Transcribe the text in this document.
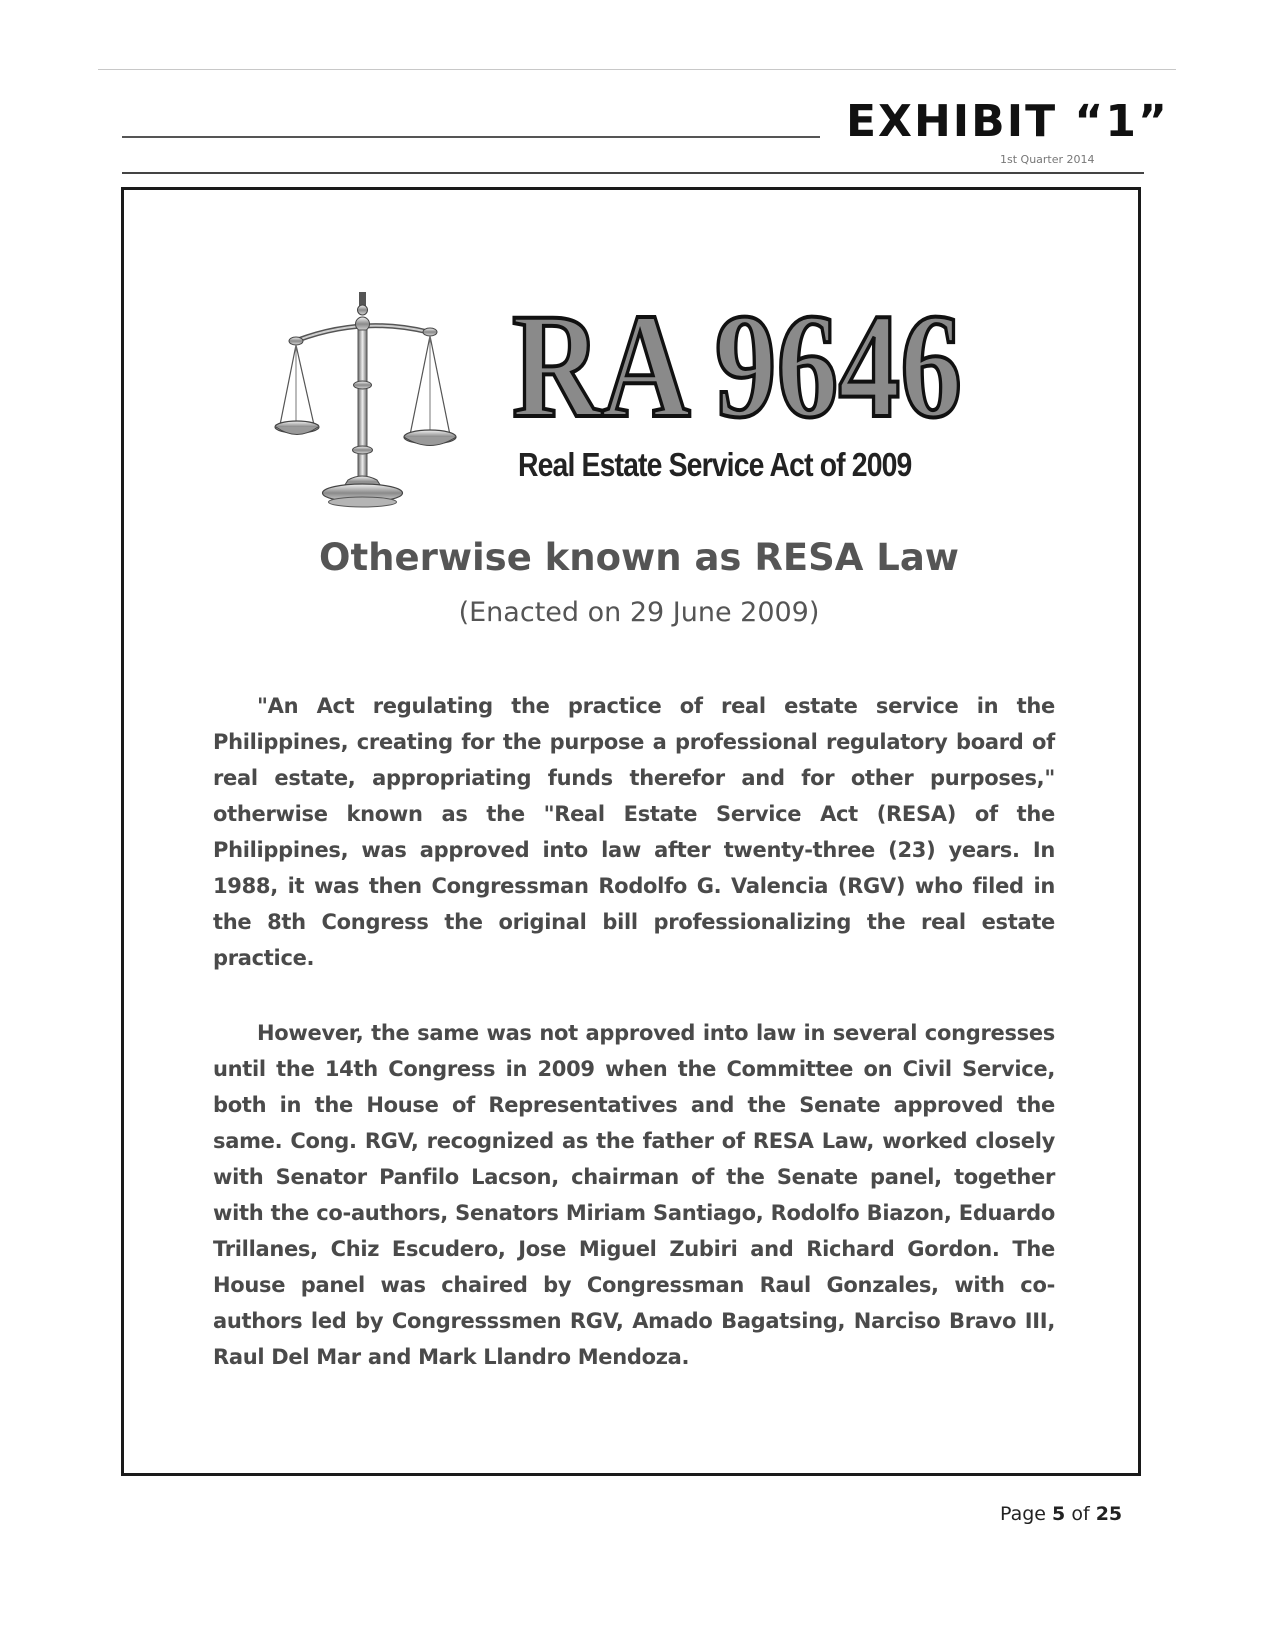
EXHIBIT “1”
1st Quarter 2014
RA 9646
Real Estate Service Act of 2009
Otherwise known as RESA Law
(Enacted on 29 June 2009)

"An Act regulating the practice of real estate service in the Philippines, creating for the purpose a professional regulatory board of real estate, appropriating funds therefor and for other purposes," otherwise known as the "Real Estate Service Act (RESA) of the Philippines, was approved into law after twenty-three (23) years. In 1988, it was then Congressman Rodolfo G. Valencia (RGV) who filed in the 8th Congress the original bill professionalizing the real estate practice.

However, the same was not approved into law in several congresses until the 14th Congress in 2009 when the Committee on Civil Service, both in the House of Representatives and the Senate approved the same. Cong. RGV, recognized as the father of RESA Law, worked closely with Senator Panfilo Lacson, chairman of the Senate panel, together with the co-authors, Senators Miriam Santiago, Rodolfo Biazon, Eduardo Trillanes, Chiz Escudero, Jose Miguel Zubiri and Richard Gordon. The House panel was chaired by Congressman Raul Gonzales, with co-authors led by Congresssmen RGV, Amado Bagatsing, Narciso Bravo III, Raul Del Mar and Mark Llandro Mendoza.

Page 5 of 25
